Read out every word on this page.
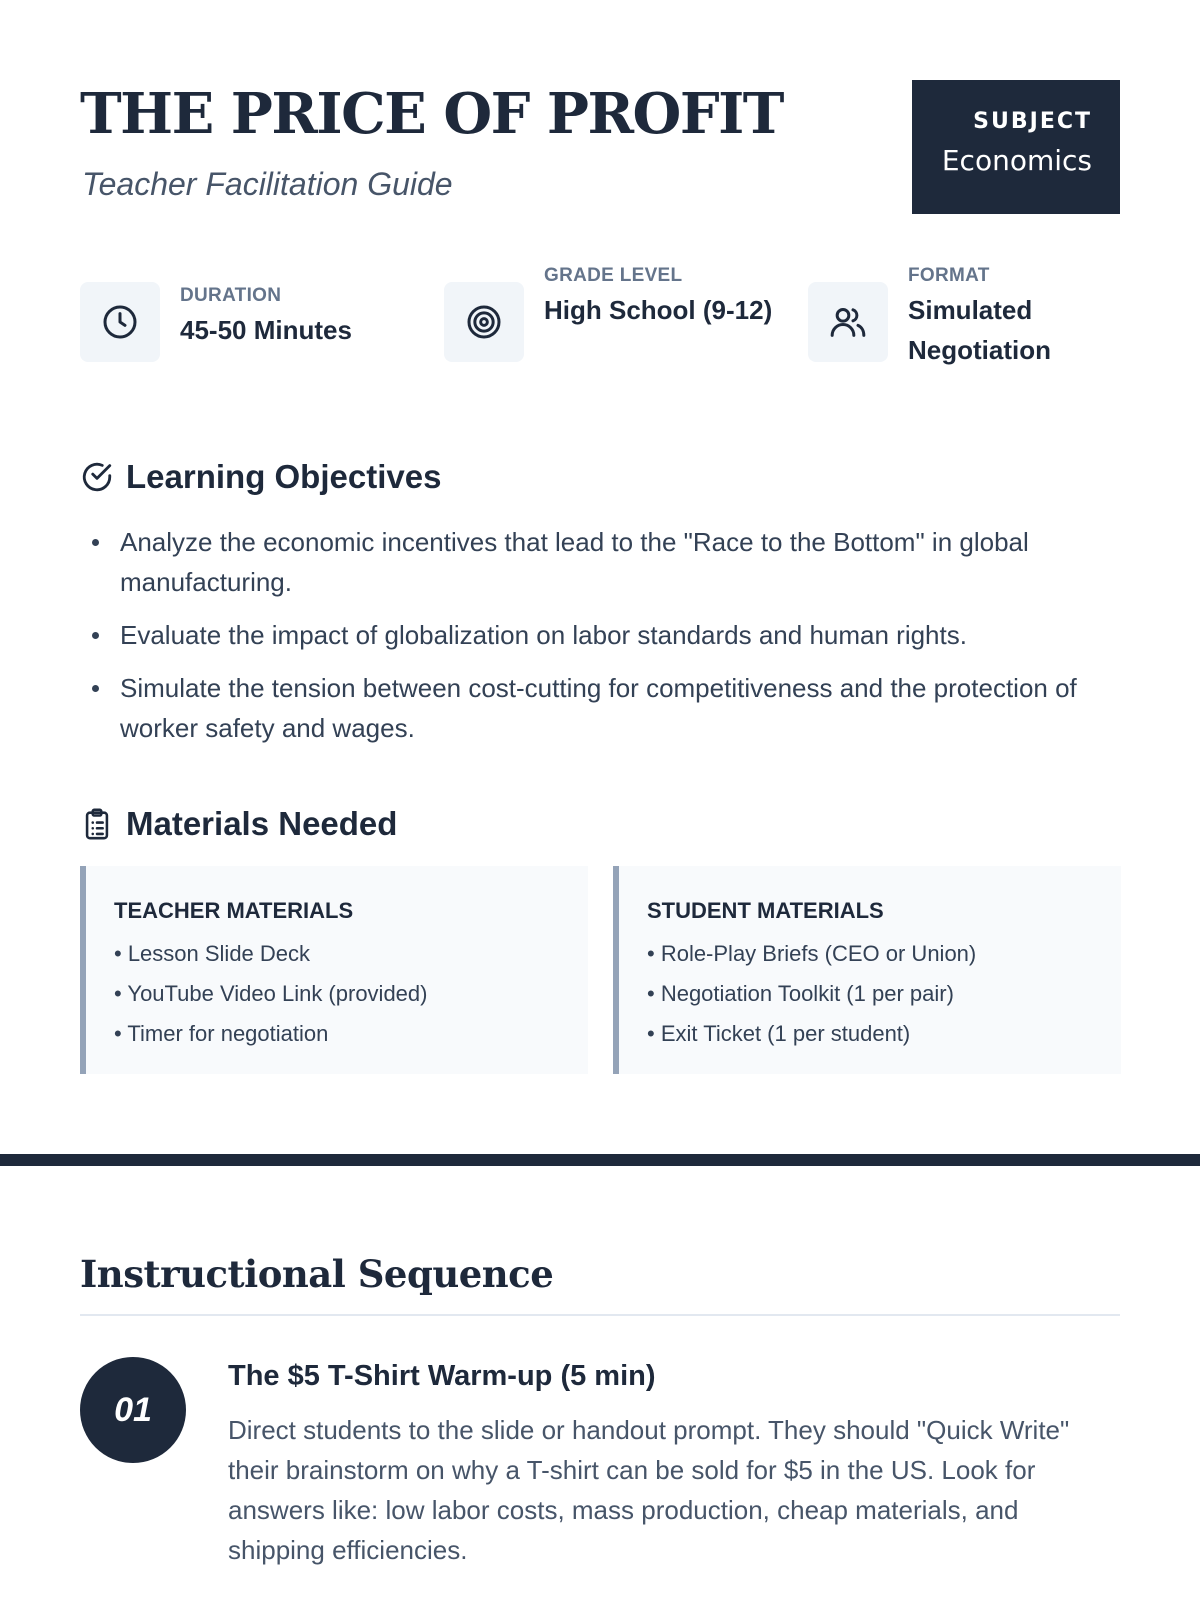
THE PRICE OF PROFIT
Teacher Facilitation Guide
SUBJECT
Economics
DURATION
45-50 Minutes
GRADE LEVEL
High School (9-12)
FORMAT
Simulated Negotiation
Learning Objectives
Analyze the economic incentives that lead to the "Race to the Bottom" in global manufacturing.
Evaluate the impact of globalization on labor standards and human rights.
Simulate the tension between cost-cutting for competitiveness and the protection of worker safety and wages.
Materials Needed
TEACHER MATERIALS
• Lesson Slide Deck
• YouTube Video Link (provided)
• Timer for negotiation
STUDENT MATERIALS
• Role-Play Briefs (CEO or Union)
• Negotiation Toolkit (1 per pair)
• Exit Ticket (1 per student)
Instructional Sequence
01
The $5 T-Shirt Warm-up (5 min)

Direct students to the slide or handout prompt. They should "Quick Write" their brainstorm on why a T-shirt can be sold for $5 in the US. Look for answers like: low labor costs, mass production, cheap materials, and shipping efficiencies.
